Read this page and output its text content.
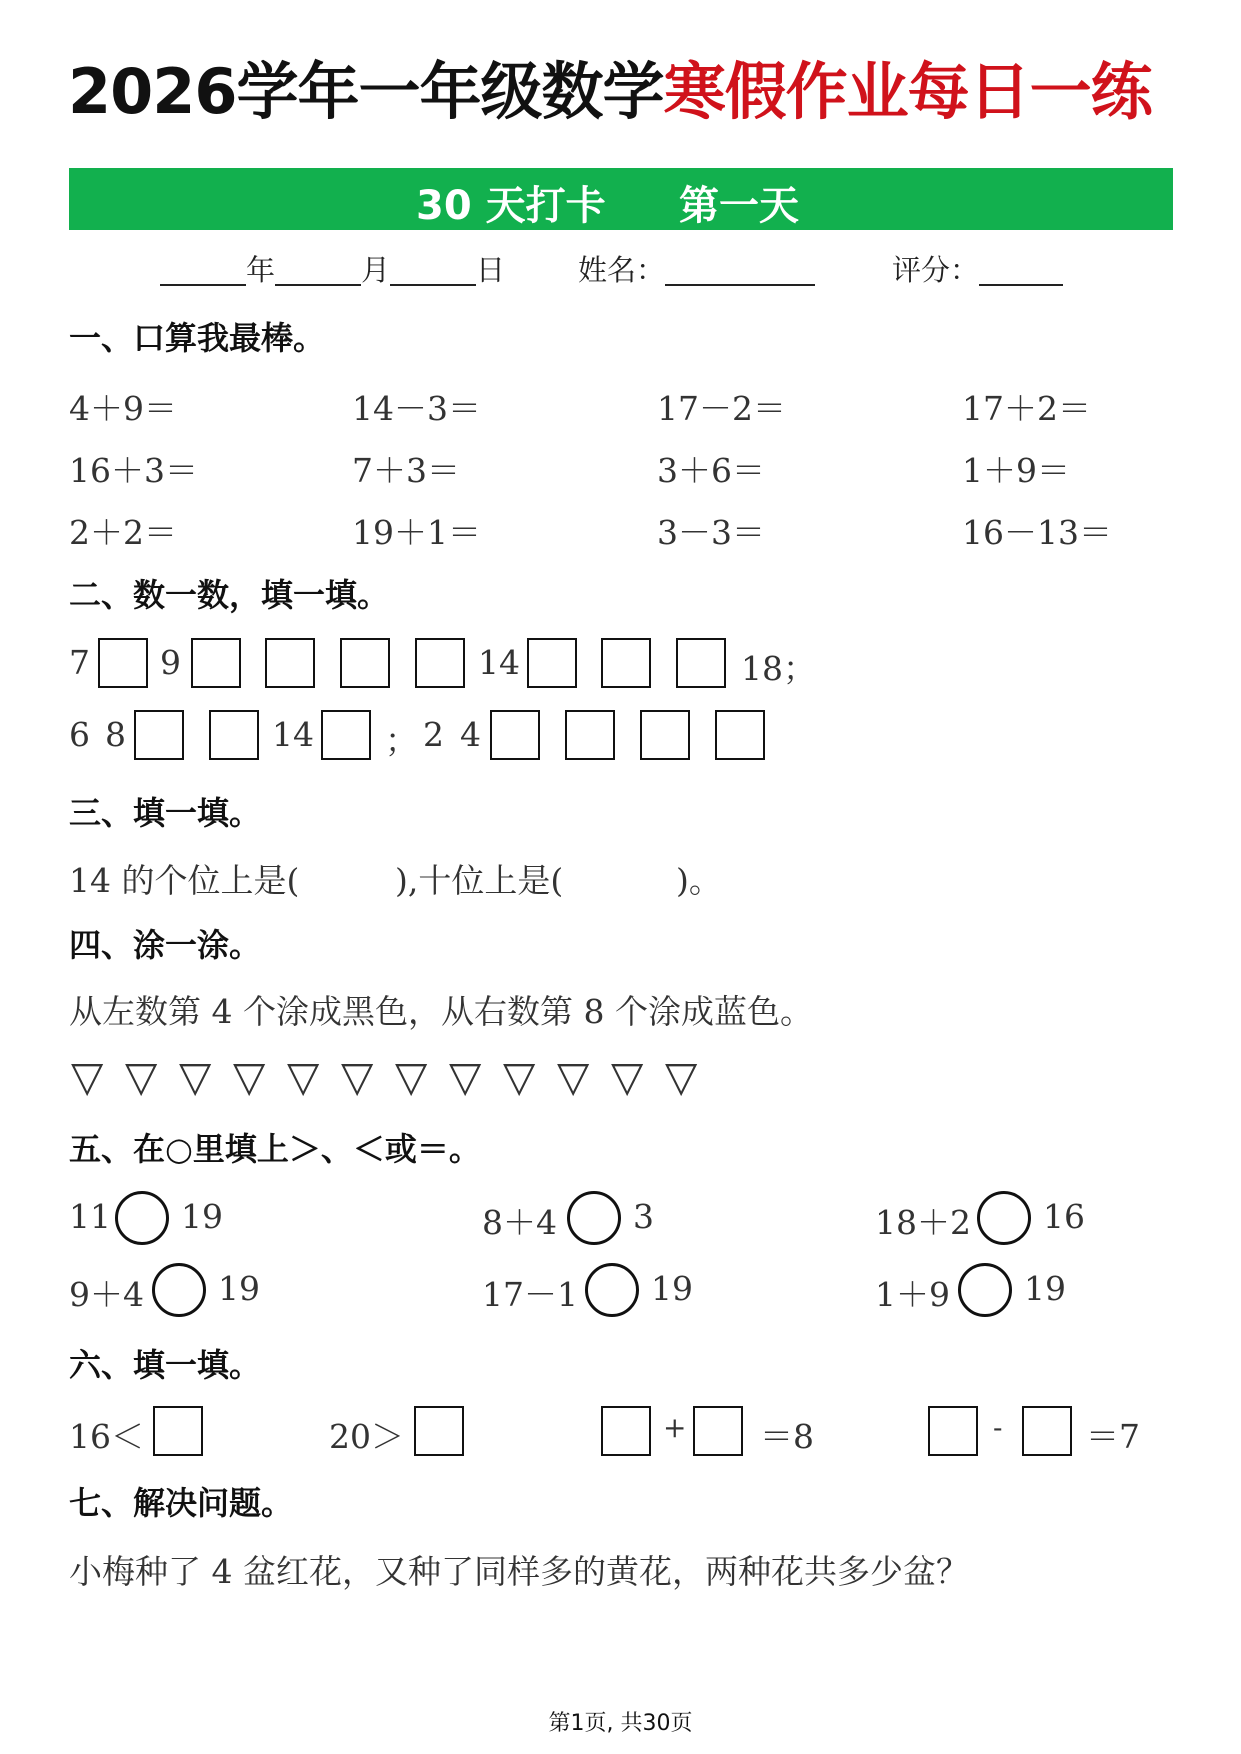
2026学年一年级数学寒假作业每日一练
30 天打卡 第一天
年	月	日	姓名：	评分：
一、口算我最棒。
4＋9＝	14－3＝	17－2＝	17＋2＝
16＋3＝	7＋3＝	3＋6＝	1＋9＝
2＋2＝	19＋1＝	3－3＝	16－13＝
二、数一数，填一填。
7 9	14	18；
6 8	14 ； 2 4
三、填一填。
14 的个位上是(	),十位上是(	)。
四、涂一涂。
从左数第 4 个涂成黑色，从右数第 8 个涂成蓝色。
▽ ▽ ▽ ▽ ▽ ▽ ▽ ▽ ▽ ▽ ▽ ▽
五、在○里填上＞、＜或＝。
11 19	8＋4 3	18＋2 16
9＋4 19	17－1 19	1＋9 19
六、填一填。
16＜	20＞	+ ＝8	-	＝7
七、解决问题。
小梅种了 4 盆红花，又种了同样多的黄花，两种花共多少盆？
第1页, 共30页
